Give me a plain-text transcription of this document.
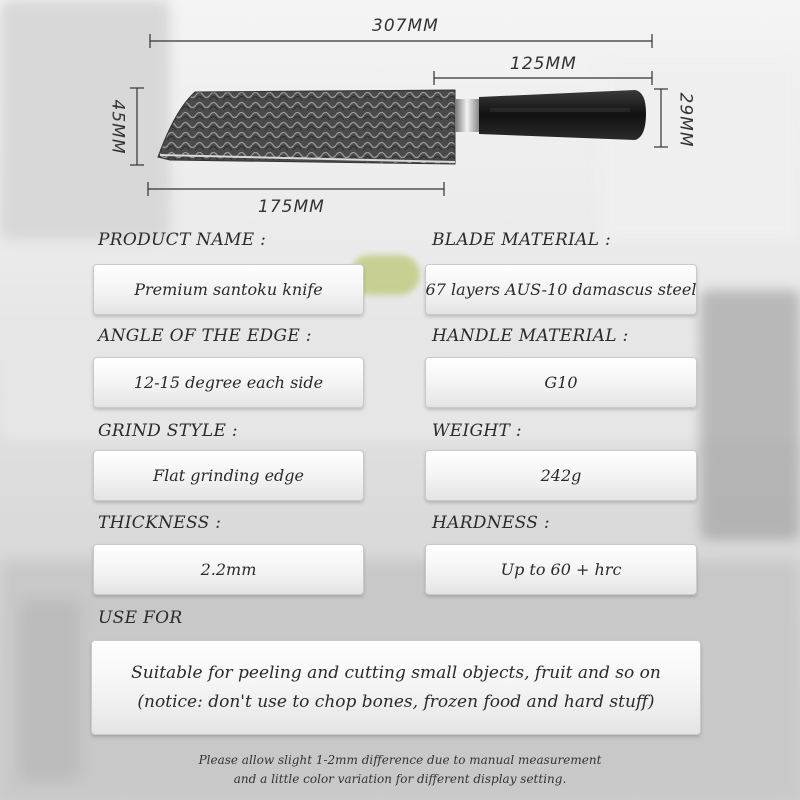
307MM
125MM
45MM	29MM
175MM
PRODUCT NAME :	BLADE MATERIAL :
Premium santoku knife	67 layers AUS-10 damascus steel
ANGLE OF THE EDGE :	HANDLE MATERIAL :
12-15 degree each side	G10
GRIND STYLE :	WEIGHT :
Flat grinding edge	242g
THICKNESS :	HARDNESS :
2.2mm	Up to 60 + hrc
USE FOR
Suitable for peeling and cutting small objects, fruit and so on
(notice: don't use to chop bones, frozen food and hard stuff)
Please allow slight 1-2mm difference due to manual measurement
and a little color variation for different display setting.
